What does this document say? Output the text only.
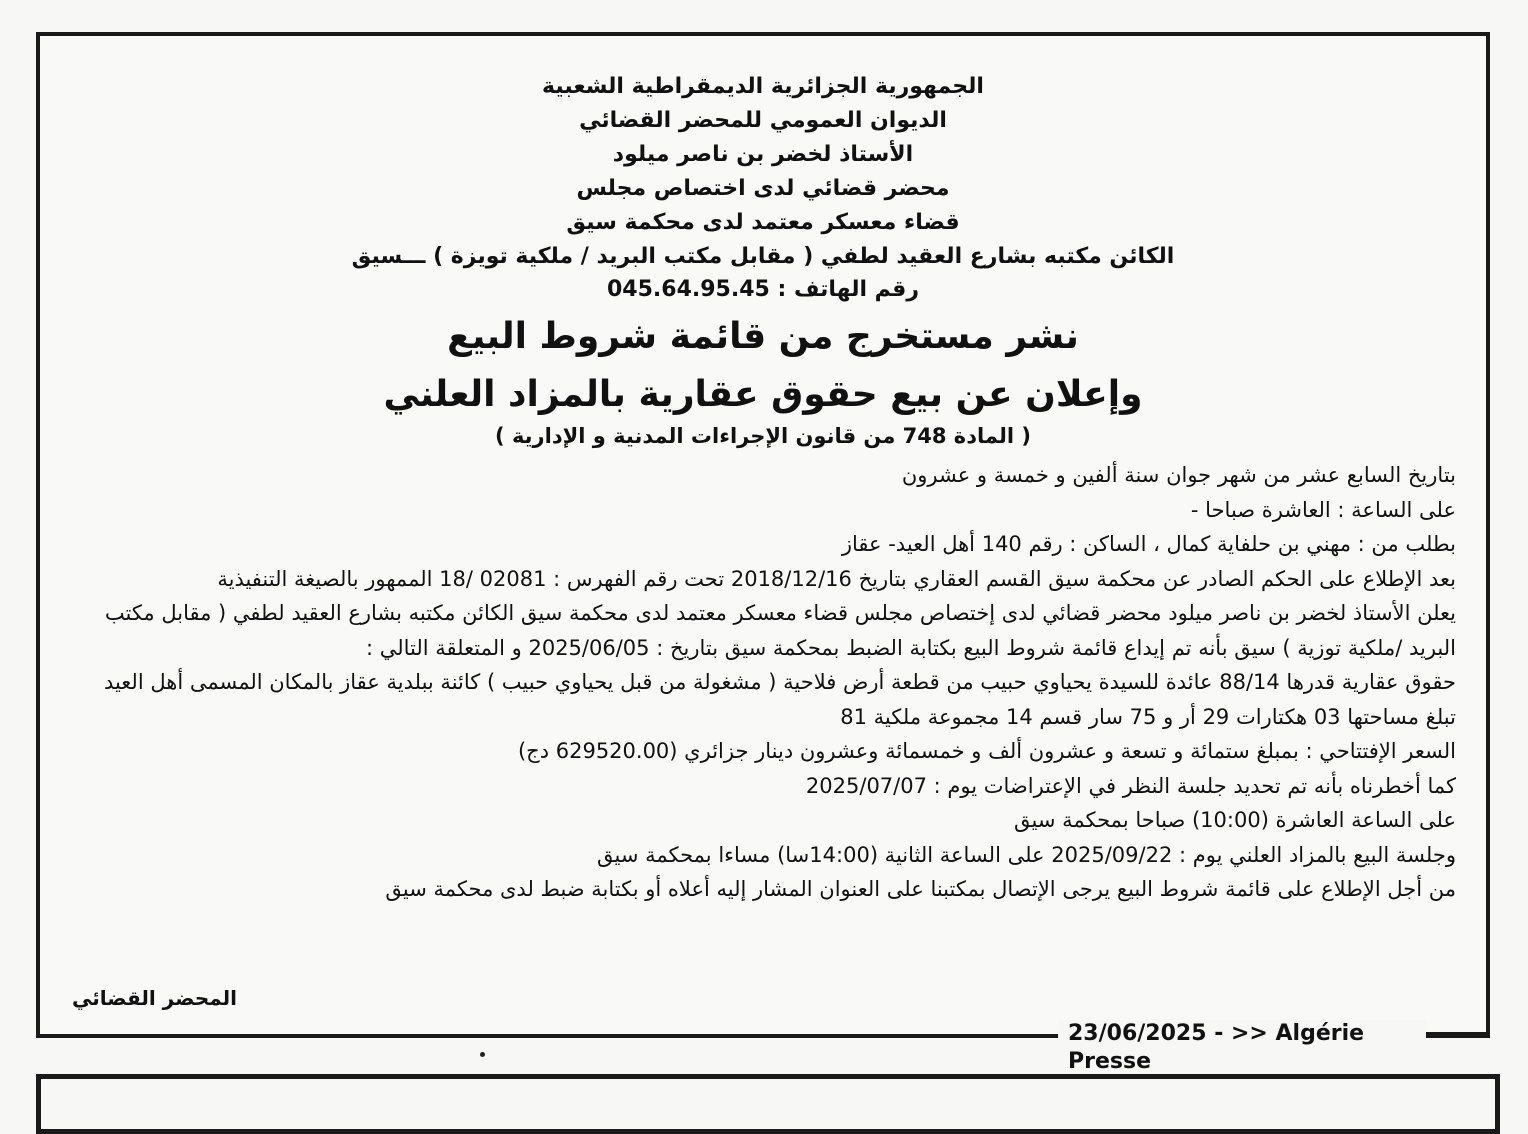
الجمهورية الجزائرية الديمقراطية الشعبية
الديوان العمومي للمحضر القضائي
الأستاذ لخضر بن ناصر ميلود
محضر قضائي لدى اختصاص مجلس
قضاء معسكر معتمد لدى محكمة سيق
الكائن مكتبه بشارع العقيد لطفي ( مقابل مكتب البريد / ملكية تويزة ) ـــسيق
رقم الهاتف : 045.64.95.45
نشر مستخرج من قائمة شروط البيع
وإعلان عن بيع حقوق عقارية بالمزاد العلني
( المادة 748 من قانون الإجراءات المدنية و الإدارية )

بتاريخ السابع عشر من شهر جوان سنة ألفين و خمسة و عشرون

على الساعة : العاشرة صباحا -

بطلب من : مهني بن حلفاية كمال ، الساكن : رقم 140 أهل العيد- عقاز

بعد الإطلاع على الحكم الصادر عن محكمة سيق القسم العقاري بتاريخ 2018/12/16 تحت رقم الفهرس : 02081 /18 الممهور بالصيغة التنفيذية

يعلن الأستاذ لخضر بن ناصر ميلود محضر قضائي لدى إختصاص مجلس قضاء معسكر معتمد لدى محكمة سيق الكائن مكتبه بشارع العقيد لطفي ( مقابل مكتب البريد /ملكية توزية ) سيق بأنه تم إيداع قائمة شروط البيع بكتابة الضبط بمحكمة سيق بتاريخ : 2025/06/05 و المتعلقة التالي :

حقوق عقارية قدرها 88/14 عائدة للسيدة يحياوي حبيب من قطعة أرض فلاحية ( مشغولة من قبل يحياوي حبيب ) كائنة ببلدية عقاز بالمكان المسمى أهل العيد تبلغ مساحتها 03 هكتارات 29 أر و 75 سار قسم 14 مجموعة ملكية 81

السعر الإفتتاحي : بمبلغ ستمائة و تسعة و عشرون ألف و خمسمائة وعشرون دينار جزائري (629520.00 دج)

كما أخطرناه بأنه تم تحديد جلسة النظر في الإعتراضات يوم : 2025/07/07

على الساعة العاشرة (10:00) صباحا بمحكمة سيق

وجلسة البيع بالمزاد العلني يوم : 2025/09/22 على الساعة الثانية (14:00سا) مساءا بمحكمة سيق

من أجل الإطلاع على قائمة شروط البيع يرجى الإتصال بمكتبنا على العنوان المشار إليه أعلاه أو بكتابة ضبط لدى محكمة سيق

المحضر القضائي
23/06/2025 - >> Algérie Presse
